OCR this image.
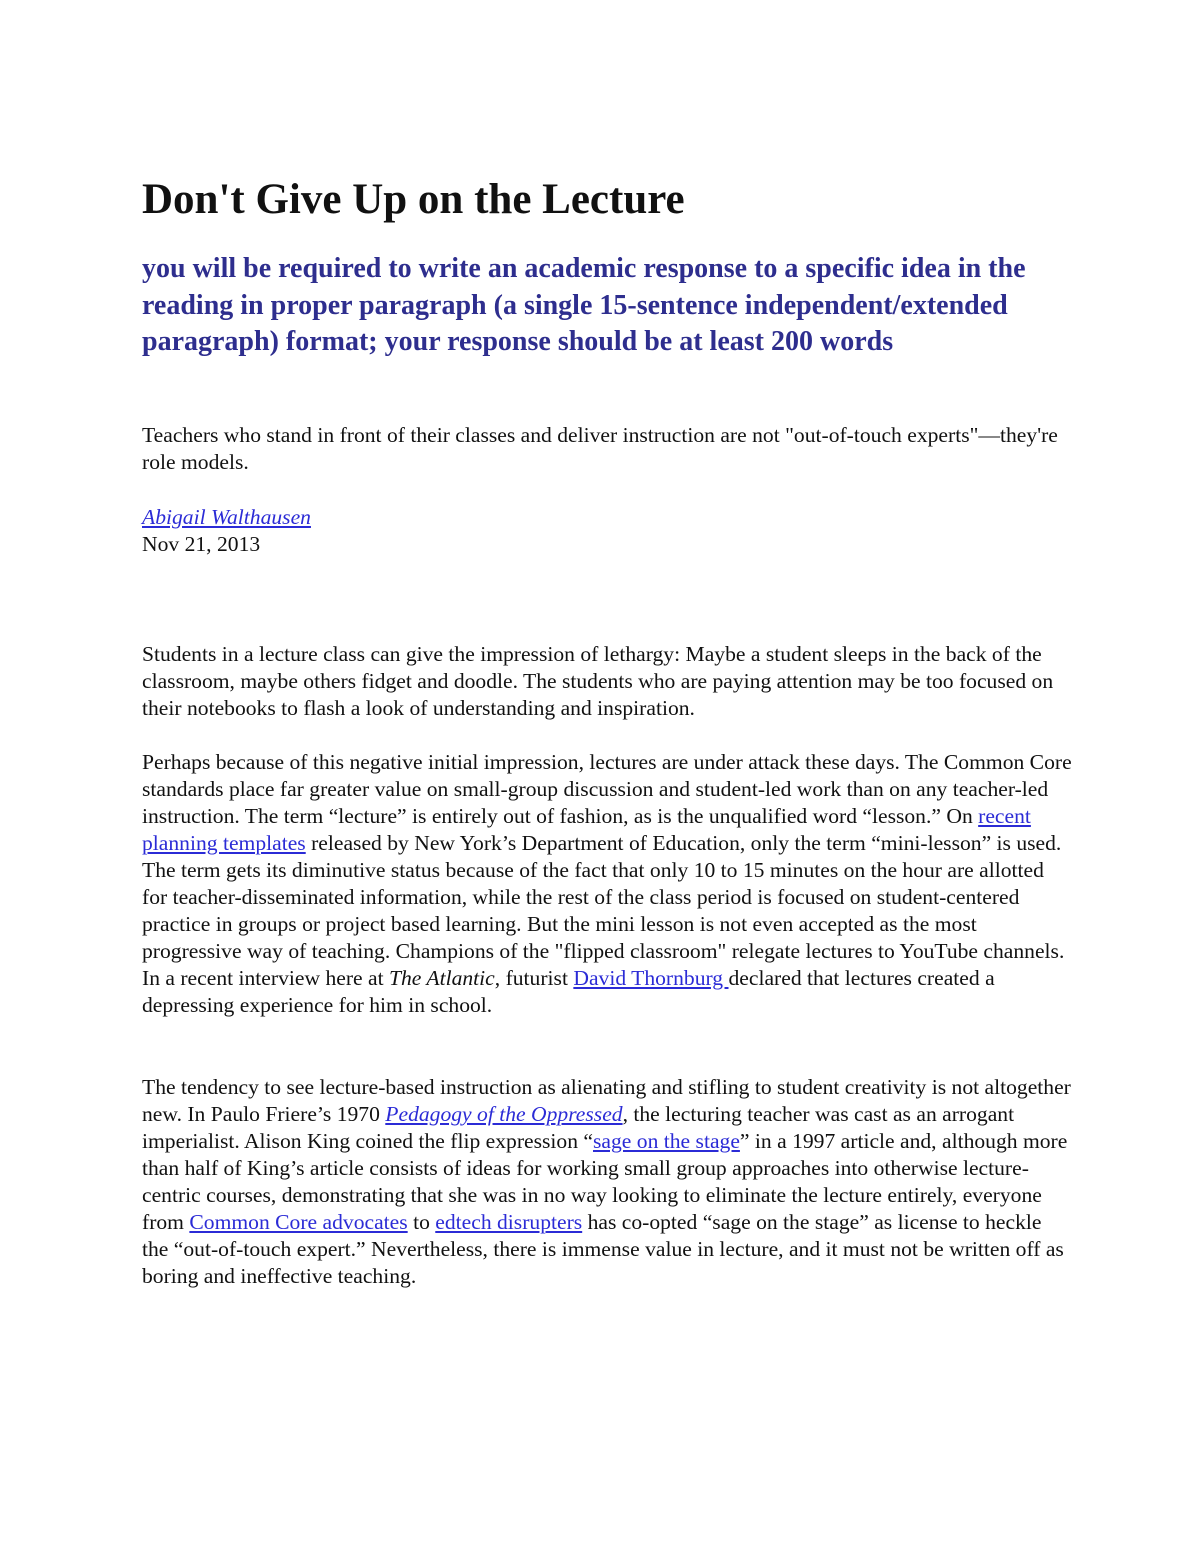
Don't Give Up on the Lecture
you will be required to write an academic response to a specific idea in the reading in proper paragraph (a single 15-sentence independent/extended paragraph) format; your response should be at least 200 words

Teachers who stand in front of their classes and deliver instruction are not "out-of-touch experts"—they're role models.

Abigail Walthausen
Nov 21, 2013

Students in a lecture class can give the impression of lethargy: Maybe a student sleeps in the back of the classroom, maybe others fidget and doodle. The students who are paying attention may be too focused on their notebooks to flash a look of understanding and inspiration.

Perhaps because of this negative initial impression, lectures are under attack these days. The Common Core standards place far greater value on small-group discussion and student-led work than on any teacher-led instruction. The term “lecture” is entirely out of fashion, as is the unqualified word “lesson.” On recent planning templates released by New York’s Department of Education, only the term “mini-lesson” is used. The term gets its diminutive status because of the fact that only 10 to 15 minutes on the hour are allotted for teacher-disseminated information, while the rest of the class period is focused on student-centered practice in groups or project based learning. But the mini lesson is not even accepted as the most progressive way of teaching. Champions of the "flipped classroom" relegate lectures to YouTube channels. In a recent interview here at The Atlantic, futurist David Thornburg declared that lectures created a depressing experience for him in school.

The tendency to see lecture-based instruction as alienating and stifling to student creativity is not altogether new. In Paulo Friere’s 1970 Pedagogy of the Oppressed, the lecturing teacher was cast as an arrogant imperialist. Alison King coined the flip expression “sage on the stage” in a 1997 article and, although more than half of King’s article consists of ideas for working small group approaches into otherwise lecture-centric courses, demonstrating that she was in no way looking to eliminate the lecture entirely, everyone from Common Core advocates to edtech disrupters has co-opted “sage on the stage” as license to heckle the “out-of-touch expert.” Nevertheless, there is immense value in lecture, and it must not be written off as boring and ineffective teaching.
